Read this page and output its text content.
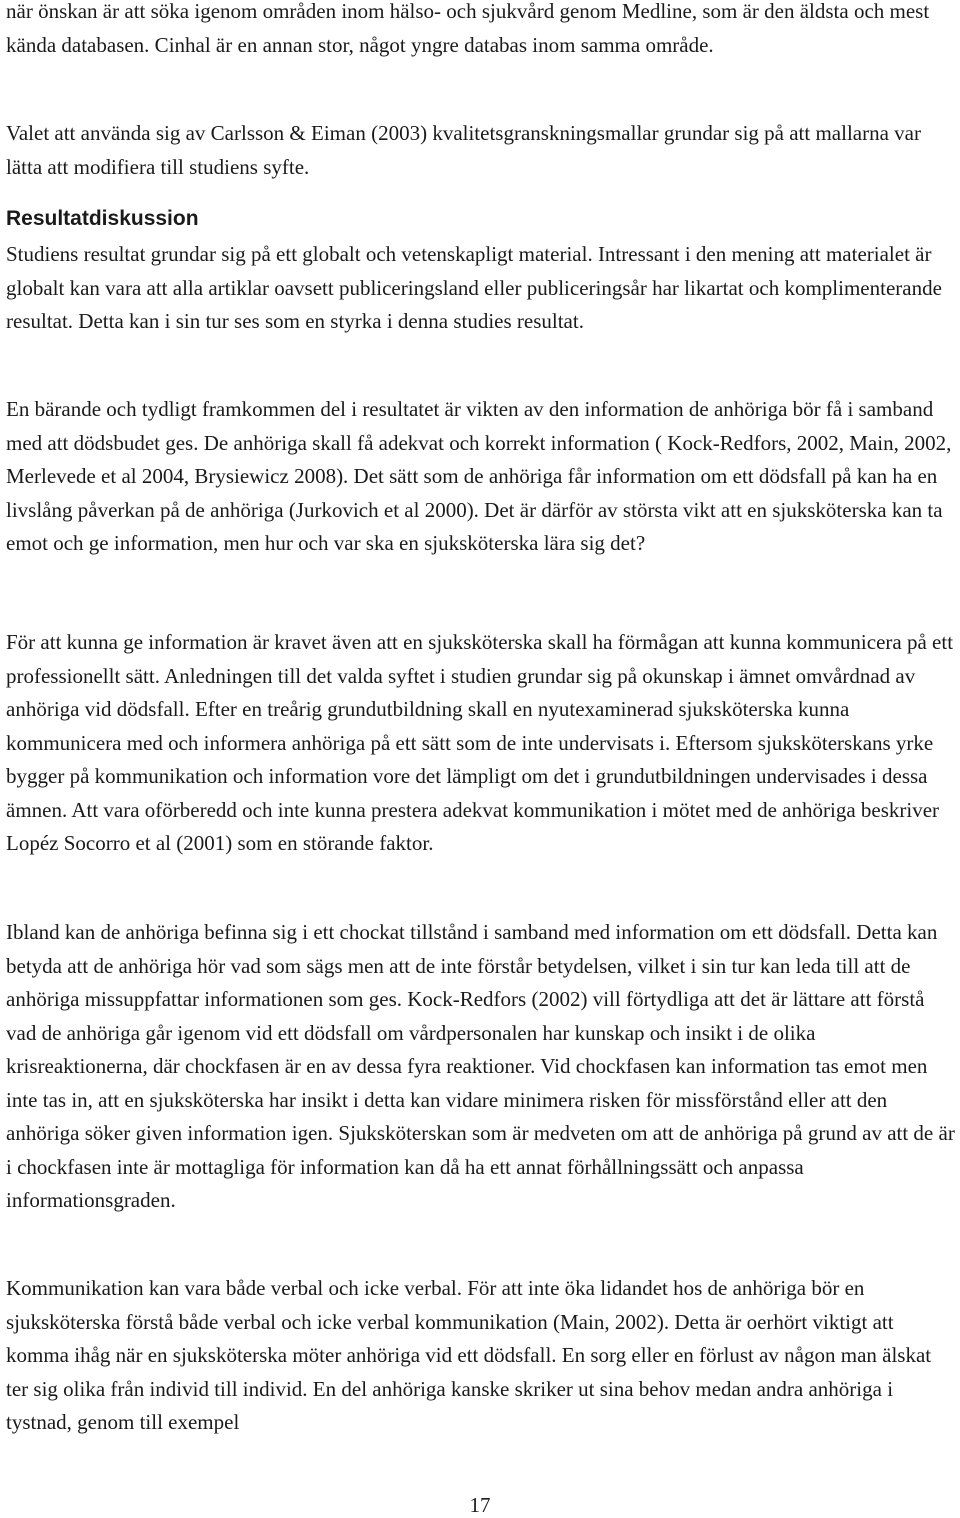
när önskan är att söka igenom områden inom hälso- och sjukvård genom Medline, som är den äldsta och mest kända databasen. Cinhal är en annan stor, något yngre databas inom samma område.

Valet att använda sig av Carlsson & Eiman (2003) kvalitetsgranskningsmallar grundar sig på att mallarna var lätta att modifiera till studiens syfte.

Resultatdiskussion

Studiens resultat grundar sig på ett globalt och vetenskapligt material. Intressant i den mening att materialet är globalt kan vara att alla artiklar oavsett publiceringsland eller publiceringsår har likartat och komplimenterande resultat. Detta kan i sin tur ses som en styrka i denna studies resultat.

En bärande och tydligt framkommen del i resultatet är vikten av den information de anhöriga bör få i samband med att dödsbudet ges. De anhöriga skall få adekvat och korrekt information ( Kock-Redfors, 2002, Main, 2002, Merlevede et al 2004, Brysiewicz 2008). Det sätt som de anhöriga får information om ett dödsfall på kan ha en livslång påverkan på de anhöriga (Jurkovich et al 2000). Det är därför av största vikt att en sjuksköterska kan ta emot och ge information, men hur och var ska en sjuksköterska lära sig det?

För att kunna ge information är kravet även att en sjuksköterska skall ha förmågan att kunna kommunicera på ett professionellt sätt. Anledningen till det valda syftet i studien grundar sig på okunskap i ämnet omvårdnad av anhöriga vid dödsfall. Efter en treårig grundutbildning skall en nyutexaminerad sjuksköterska kunna kommunicera med och informera anhöriga på ett sätt som de inte undervisats i. Eftersom sjuksköterskans yrke bygger på kommunikation och information vore det lämpligt om det i grundutbildningen undervisades i dessa ämnen. Att vara oförberedd och inte kunna prestera adekvat kommunikation i mötet med de anhöriga beskriver Lopéz Socorro et al (2001) som en störande faktor.

Ibland kan de anhöriga befinna sig i ett chockat tillstånd i samband med information om ett dödsfall. Detta kan betyda att de anhöriga hör vad som sägs men att de inte förstår betydelsen, vilket i sin tur kan leda till att de anhöriga missuppfattar informationen som ges. Kock-Redfors (2002) vill förtydliga att det är lättare att förstå vad de anhöriga går igenom vid ett dödsfall om vårdpersonalen har kunskap och insikt i de olika krisreaktionerna, där chockfasen är en av dessa fyra reaktioner. Vid chockfasen kan information tas emot men inte tas in, att en sjuksköterska har insikt i detta kan vidare minimera risken för missförstånd eller att den anhöriga söker given information igen. Sjuksköterskan som är medveten om att de anhöriga på grund av att de är i chockfasen inte är mottagliga för information kan då ha ett annat förhållningssätt och anpassa informationsgraden.

Kommunikation kan vara både verbal och icke verbal. För att inte öka lidandet hos de anhöriga bör en sjuksköterska förstå både verbal och icke verbal kommunikation (Main, 2002). Detta är oerhört viktigt att komma ihåg när en sjuksköterska möter anhöriga vid ett dödsfall. En sorg eller en förlust av någon man älskat ter sig olika från individ till individ. En del anhöriga kanske skriker ut sina behov medan andra anhöriga i tystnad, genom till exempel

17
